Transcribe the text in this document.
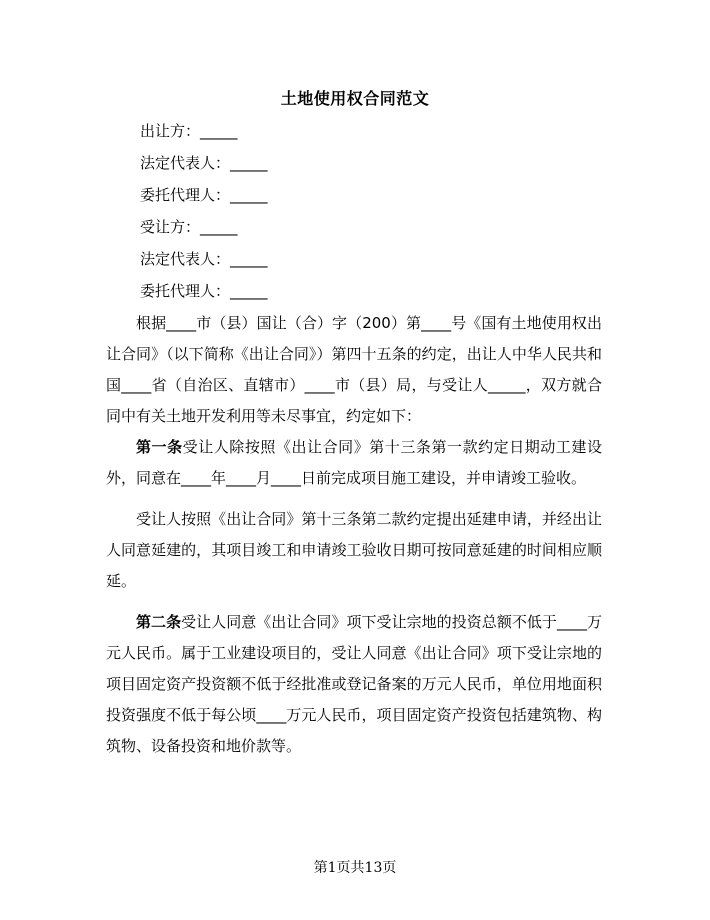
土地使用权合同范文
出让方：_____
法定代表人：_____
委托代理人：_____
受让方：_____
法定代表人：_____
委托代理人：_____

根据____市（县）国让（合）字（200）第____号《国有土地使用权出让合同》（以下简称《出让合同》）第四十五条的约定，出让人中华人民共和国____省（自治区、直辖市）____市（县）局，与受让人_____，双方就合同中有关土地开发利用等未尽事宜，约定如下：

第一条受让人除按照《出让合同》第十三条第一款约定日期动工建设外，同意在____年____月____日前完成项目施工建设，并申请竣工验收。

受让人按照《出让合同》第十三条第二款约定提出延建申请，并经出让人同意延建的，其项目竣工和申请竣工验收日期可按同意延建的时间相应顺延。

第二条受让人同意《出让合同》项下受让宗地的投资总额不低于____万元人民币。属于工业建设项目的，受让人同意《出让合同》项下受让宗地的项目固定资产投资额不低于经批准或登记备案的万元人民币，单位用地面积投资强度不低于每公顷____万元人民币，项目固定资产投资包括建筑物、构筑物、设备投资和地价款等。

第1页共13页
